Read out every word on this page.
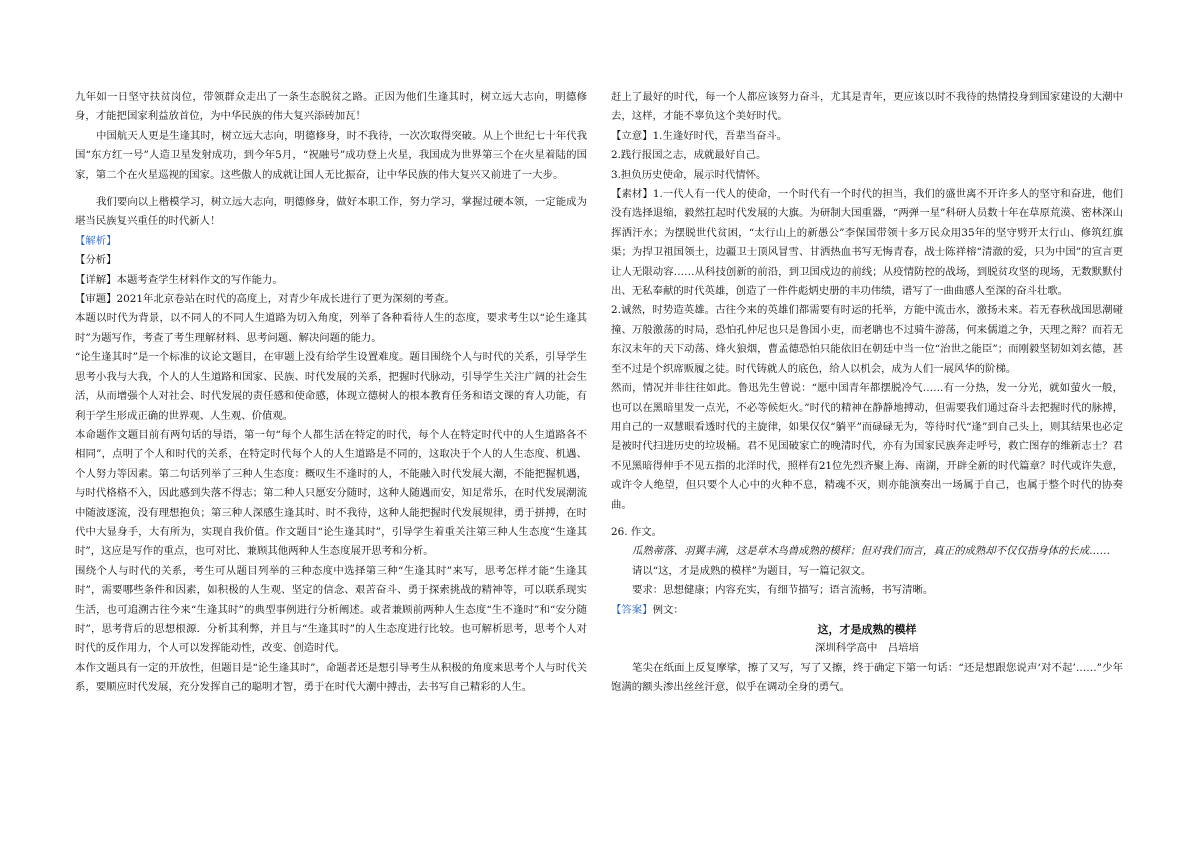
九年如一日坚守扶贫岗位，带领群众走出了一条生态脱贫之路。正因为他们生逢其时，树立远大志向，明德修身，才能把国家利益放首位，为中华民族的伟大复兴添砖加瓦！

中国航天人更是生逢其时，树立远大志向，明德修身，时不我待，一次次取得突破。从上个世纪七十年代我国“东方红一号”人造卫星发射成功，到今年5月，“祝融号”成功登上火星，我国成为世界第三个在火星着陆的国家，第二个在火星巡视的国家。这些傲人的成就让国人无比振奋，让中华民族的伟大复兴又前进了一大步。

我们要向以上楷模学习，树立远大志向，明德修身，做好本职工作，努力学习，掌握过硬本领，一定能成为堪当民族复兴重任的时代新人！

【解析】

【分析】

【详解】本题考查学生材料作文的写作能力。

【审题】2021年北京卷站在时代的高度上，对青少年成长进行了更为深刻的考查。

本题以时代为背景，以不同人的不同人生道路为切入角度，列举了各种看待人生的态度，要求考生以“论生逢其时”为题写作，考查了考生理解材料、思考问题、解决问题的能力。

“论生逢其时”是一个标准的议论文题目，在审题上没有给学生设置难度。题目围绕个人与时代的关系，引导学生思考小我与大我，个人的人生道路和国家、民族、时代发展的关系，把握时代脉动，引导学生关注广阔的社会生活，从而增强个人对社会、时代发展的责任感和使命感，体现立德树人的根本教育任务和语文课的育人功能，有利于学生形成正确的世界观、人生观、价值观。

本命题作文题目前有两句话的导语，第一句“每个人都生活在特定的时代，每个人在特定时代中的人生道路各不相同”，点明了个人和时代的关系，在特定时代每个人的人生道路是不同的，这取决于个人的人生态度、机遇、个人努力等因素。第二句话列举了三种人生态度：概叹生不逢时的人，不能融入时代发展大潮，不能把握机遇，与时代格格不入，因此感到失落不得志；第二种人只愿安分随时，这种人随遇而安，知足常乐，在时代发展潮流中随波逐流，没有理想抱负；第三种人深感生逢其时、时不我待，这种人能把握时代发展规律，勇于拼搏，在时代中大显身手，大有所为，实现自我价值。作文题目“论生逢其时”，引导学生着重关注第三种人生态度“生逢其时”，这应是写作的重点，也可对比、兼顾其他两种人生态度展开思考和分析。

围绕个人与时代的关系，考生可从题目列举的三种态度中选择第三种“生逢其时”来写，思考怎样才能“生逢其时”，需要哪些条件和因素，如积极的人生观、坚定的信念、艰苦奋斗、勇于探索挑战的精神等，可以联系现实生活，也可追溯古往今来“生逢其时”的典型事例进行分析阐述。或者兼顾前两种人生态度“生不逢时”和“安分随时”，思考背后的思想根源．分析其利弊，并且与“生逢其时”的人生态度进行比较。也可解析思考，思考个人对时代的反作用力，个人可以发挥能动性，改变、创造时代。

本作文题具有一定的开放性，但题目是“论生逢其时”，命题者还是想引导考生从积极的角度来思考个人与时代关系，要顺应时代发展，充分发挥自己的聪明才智，勇于在时代大潮中搏击，去书写自己精彩的人生。

赶上了最好的时代，每一个人都应该努力奋斗，尤其是青年，更应该以时不我待的热情投身到国家建设的大潮中去，这样，才能不辜负这个美好时代。

【立意】1.生逢好时代，吾辈当奋斗。

2.践行报国之志，成就最好自己。

3.担负历史使命，展示时代情怀。

【素材】1.一代人有一代人的使命，一个时代有一个时代的担当，我们的盛世离不开许多人的坚守和奋进，他们没有选择退缩，毅然扛起时代发展的大旗。为研制大国重器，“两弹一星”科研人员数十年在草原荒漠、密林深山挥洒汗水；为摆脱世代贫困，“太行山上的新愚公”李保国带领十多万民众用35年的坚守劈开太行山、修筑红旗渠；为捍卫祖国领土，边疆卫士顶风冒雪、甘洒热血书写无悔青春，战士陈祥榕“清澈的爱，只为中国”的宣言更让人无限动容……从科技创新的前沿，到卫国戍边的前线；从疫情防控的战场，到脱贫攻坚的现场，无数默默付出、无私奉献的时代英雄，创造了一件件彪炳史册的丰功伟绩，谱写了一曲曲感人至深的奋斗壮歌。

2.诚然，时势造英雄。古往今来的英雄们都需要有时运的托举，方能中流击水，激扬未来。若无春秋战国思潮碰撞、万般激荡的时局，恐怕孔仲尼也只是鲁国小吏，而老聃也不过骑牛游荡，何来儒道之争，天理之辩？而若无东汉末年的天下动荡、烽火狼烟，曹孟德恐怕只能依旧在朝廷中当一位“治世之能臣”；而刚毅坚韧如刘玄德，甚至不过是个织席贩履之徒。时代铸就人的底色，给人以机会，成为人们一展风华的阶梯。

然而，情况并非往往如此。鲁迅先生曾说：“愿中国青年都摆脱冷气……有一分热，发一分光，就如萤火一般，也可以在黑暗里发一点光，不必等候炬火。”时代的精神在静静地搏动，但需要我们通过奋斗去把握时代的脉搏，用自己的一双慧眼看透时代的主旋律，如果仅仅“躺平”而碌碌无为，等待时代“逢”到自己头上，则其结果也必定是被时代扫进历史的垃圾桶。君不见国破家亡的晚清时代，亦有为国家民族奔走呼号，救亡图存的维新志士？君不见黑暗得伸手不见五指的北洋时代，照样有21位先烈齐聚上海、南湖，开辟全新的时代篇章？时代或许失意，或许令人绝望，但只要个人心中的火种不息，精魂不灭，则亦能演奏出一场属于自己，也属于整个时代的协奏曲。

26. 作文。

瓜熟蒂落、羽翼丰满，这是草木鸟兽成熟的模样；但对我们而言，真正的成熟却不仅仅指身体的长成……

请以“这，才是成熟的模样”为题目，写一篇记叙文。

要求：思想健康；内容充实，有细节描写；语言流畅，书写清晰。

【答案】例文：

这，才是成熟的模样

深圳科学高中　吕培培

笔尖在纸面上反复摩挲，擦了又写，写了又擦，终于确定下第一句话：“还是想跟您说声‘对不起’……”少年饱满的额头渗出丝丝汗意，似乎在调动全身的勇气。
